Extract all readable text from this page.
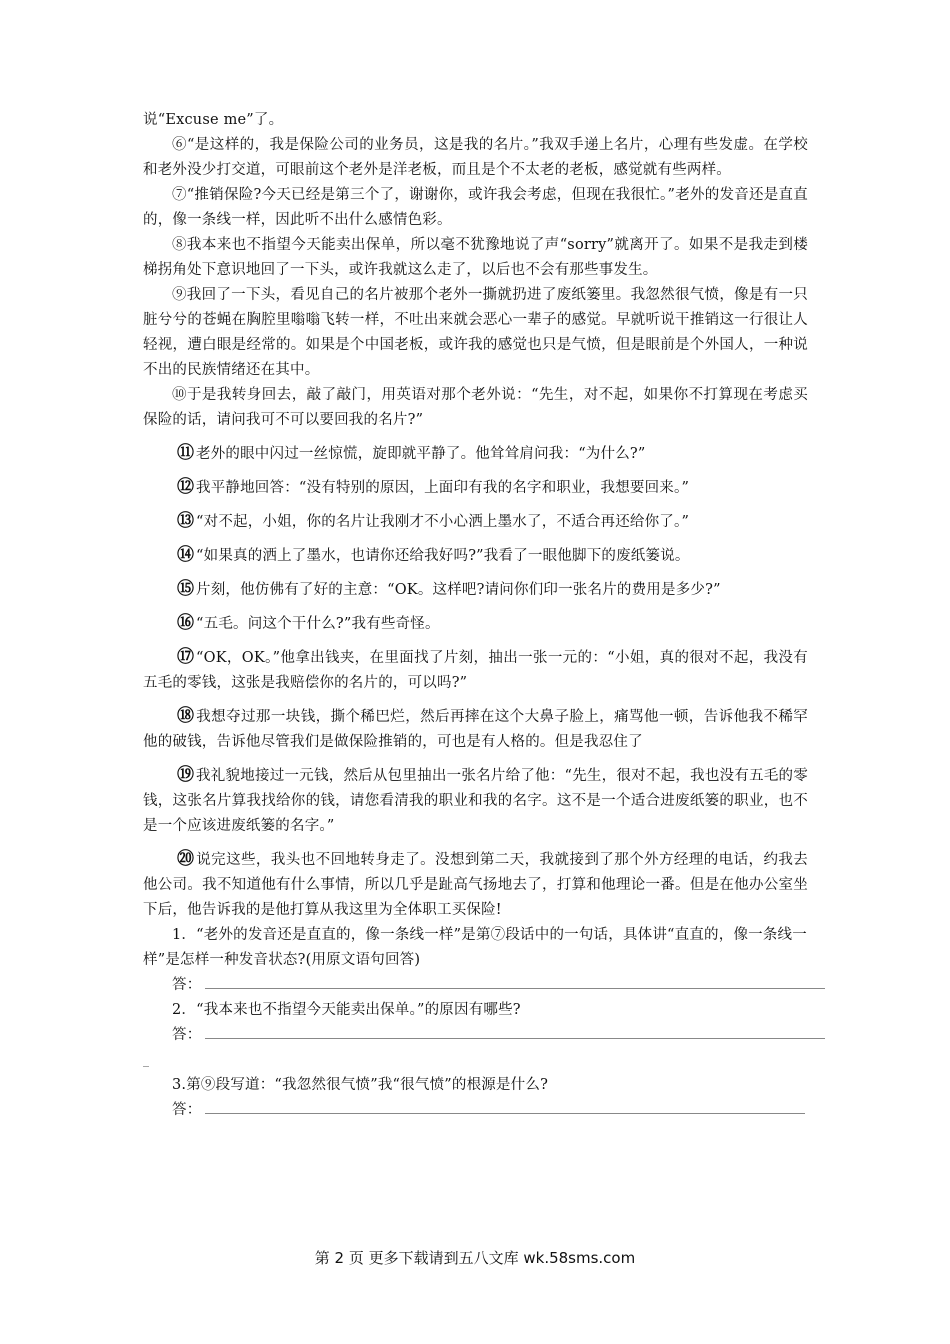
说“Excuse me”了。

⑥“是这样的，我是保险公司的业务员，这是我的名片。”我双手递上名片，心理有些发虚。在学校和老外没少打交道，可眼前这个老外是洋老板，而且是个不太老的老板，感觉就有些两样。

⑦“推销保险?今天已经是第三个了，谢谢你，或许我会考虑，但现在我很忙。”老外的发音还是直直的，像一条线一样，因此听不出什么感情色彩。

⑧我本来也不指望今天能卖出保单，所以毫不犹豫地说了声“sorry”就离开了。如果不是我走到楼梯拐角处下意识地回了一下头，或许我就这么走了，以后也不会有那些事发生。

⑨我回了一下头，看见自己的名片被那个老外一撕就扔进了废纸篓里。我忽然很气愤，像是有一只脏兮兮的苍蝇在胸腔里嗡嗡飞转一样，不吐出来就会恶心一辈子的感觉。早就听说干推销这一行很让人轻视，遭白眼是经常的。如果是个中国老板，或许我的感觉也只是气愤，但是眼前是个外国人，一种说不出的民族情绪还在其中。

⑩于是我转身回去，敲了敲门，用英语对那个老外说：“先生，对不起，如果你不打算现在考虑买保险的话，请问我可不可以要回我的名片?”

⑪ 老外的眼中闪过一丝惊慌，旋即就平静了。他耸耸肩问我：“为什么?”

⑫ 我平静地回答：“没有特别的原因，上面印有我的名字和职业，我想要回来。”

⑬ “对不起，小姐，你的名片让我刚才不小心洒上墨水了，不适合再还给你了。”

⑭ “如果真的洒上了墨水，也请你还给我好吗?”我看了一眼他脚下的废纸篓说。

⑮ 片刻，他仿佛有了好的主意：“OK。这样吧?请问你们印一张名片的费用是多少?”

⑯ “五毛。问这个干什么?”我有些奇怪。

⑰ “OK，OK。”他拿出钱夹，在里面找了片刻，抽出一张一元的：“小姐，真的很对不起，我没有五毛的零钱，这张是我赔偿你的名片的，可以吗?”

⑱ 我想夺过那一块钱，撕个稀巴烂，然后再摔在这个大鼻子脸上，痛骂他一顿，告诉他我不稀罕他的破钱，告诉他尽管我们是做保险推销的，可也是有人格的。但是我忍住了

⑲ 我礼貌地接过一元钱，然后从包里抽出一张名片给了他：“先生，很对不起，我也没有五毛的零钱，这张名片算我找给你的钱，请您看清我的职业和我的名字。这不是一个适合进废纸篓的职业，也不是一个应该进废纸篓的名字。”

⑳ 说完这些，我头也不回地转身走了。没想到第二天，我就接到了那个外方经理的电话，约我去他公司。我不知道他有什么事情，所以几乎是趾高气扬地去了，打算和他理论一番。但是在他办公室坐下后，他告诉我的是他打算从我这里为全体职工买保险!

1．“老外的发音还是直直的，像一条线一样”是第⑦段话中的一句话，具体讲“直直的，像一条线一样”是怎样一种发音状态?(用原文语句回答)

答：

2．“我本来也不指望今天能卖出保单。”的原因有哪些?

答：

_

3.第⑨段写道：“我忽然很气愤”我“很气愤”的根源是什么?

答：

第 2 页 更多下载请到五八文库 wk.58sms.com
